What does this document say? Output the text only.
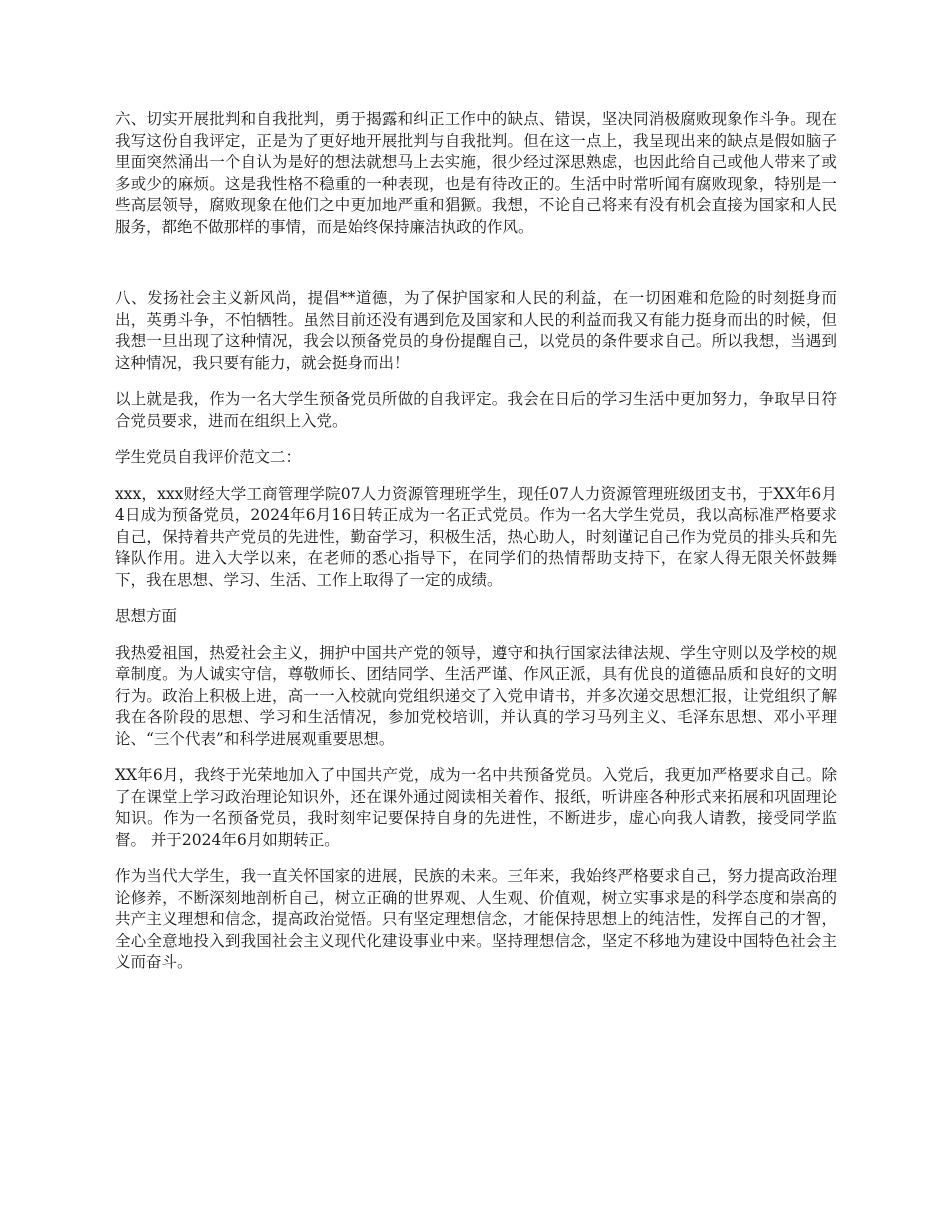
六、切实开展批判和自我批判，勇于揭露和纠正工作中的缺点、错误，坚决同消极腐败现象作斗争。现在我写这份自我评定，正是为了更好地开展批判与自我批判。但在这一点上，我呈现出来的缺点是假如脑子里面突然涌出一个自认为是好的想法就想马上去实施，很少经过深思熟虑，也因此给自己或他人带来了或多或少的麻烦。这是我性格不稳重的一种表现，也是有待改正的。生活中时常听闻有腐败现象，特别是一些高层领导，腐败现象在他们之中更加地严重和猖獗。我想，不论自己将来有没有机会直接为国家和人民服务，都绝不做那样的事情，而是始终保持廉洁执政的作风。

八、发扬社会主义新风尚，提倡**道德，为了保护国家和人民的利益，在一切困难和危险的时刻挺身而出，英勇斗争，不怕牺牲。虽然目前还没有遇到危及国家和人民的利益而我又有能力挺身而出的时候，但我想一旦出现了这种情况，我会以预备党员的身份提醒自己，以党员的条件要求自己。所以我想，当遇到这种情况，我只要有能力，就会挺身而出！

以上就是我，作为一名大学生预备党员所做的自我评定。我会在日后的学习生活中更加努力，争取早日符合党员要求，进而在组织上入党。

学生党员自我评价范文二：

xxx，xxx财经大学工商管理学院07人力资源管理班学生，现任07人力资源管理班级团支书，于XX年6月4日成为预备党员，2024年6月16日转正成为一名正式党员。作为一名大学生党员，我以高标准严格要求自己，保持着共产党员的先进性，勤奋学习，积极生活，热心助人，时刻谨记自己作为党员的排头兵和先锋队作用。进入大学以来，在老师的悉心指导下，在同学们的热情帮助支持下，在家人得无限关怀鼓舞下，我在思想、学习、生活、工作上取得了一定的成绩。

思想方面

我热爱祖国，热爱社会主义，拥护中国共产党的领导，遵守和执行国家法律法规、学生守则以及学校的规章制度。为人诚实守信，尊敬师长、团结同学、生活严谨、作风正派，具有优良的道德品质和良好的文明行为。政治上积极上进，高一一入校就向党组织递交了入党申请书，并多次递交思想汇报，让党组织了解我在各阶段的思想、学习和生活情况，参加党校培训，并认真的学习马列主义、毛泽东思想、邓小平理论、“三个代表”和科学进展观重要思想。

XX年6月，我终于光荣地加入了中国共产党，成为一名中共预备党员。入党后，我更加严格要求自己。除了在课堂上学习政治理论知识外，还在课外通过阅读相关着作、报纸，听讲座各种形式来拓展和巩固理论知识。作为一名预备党员，我时刻牢记要保持自身的先进性，不断进步，虚心向我人请教，接受同学监督。 并于2024年6月如期转正。

作为当代大学生，我一直关怀国家的进展，民族的未来。三年来，我始终严格要求自己，努力提高政治理论修养，不断深刻地剖析自己，树立正确的世界观、人生观、价值观，树立实事求是的科学态度和崇高的共产主义理想和信念，提高政治觉悟。只有坚定理想信念，才能保持思想上的纯洁性，发挥自己的才智，全心全意地投入到我国社会主义现代化建设事业中来。坚持理想信念，坚定不移地为建设中国特色社会主义而奋斗。
